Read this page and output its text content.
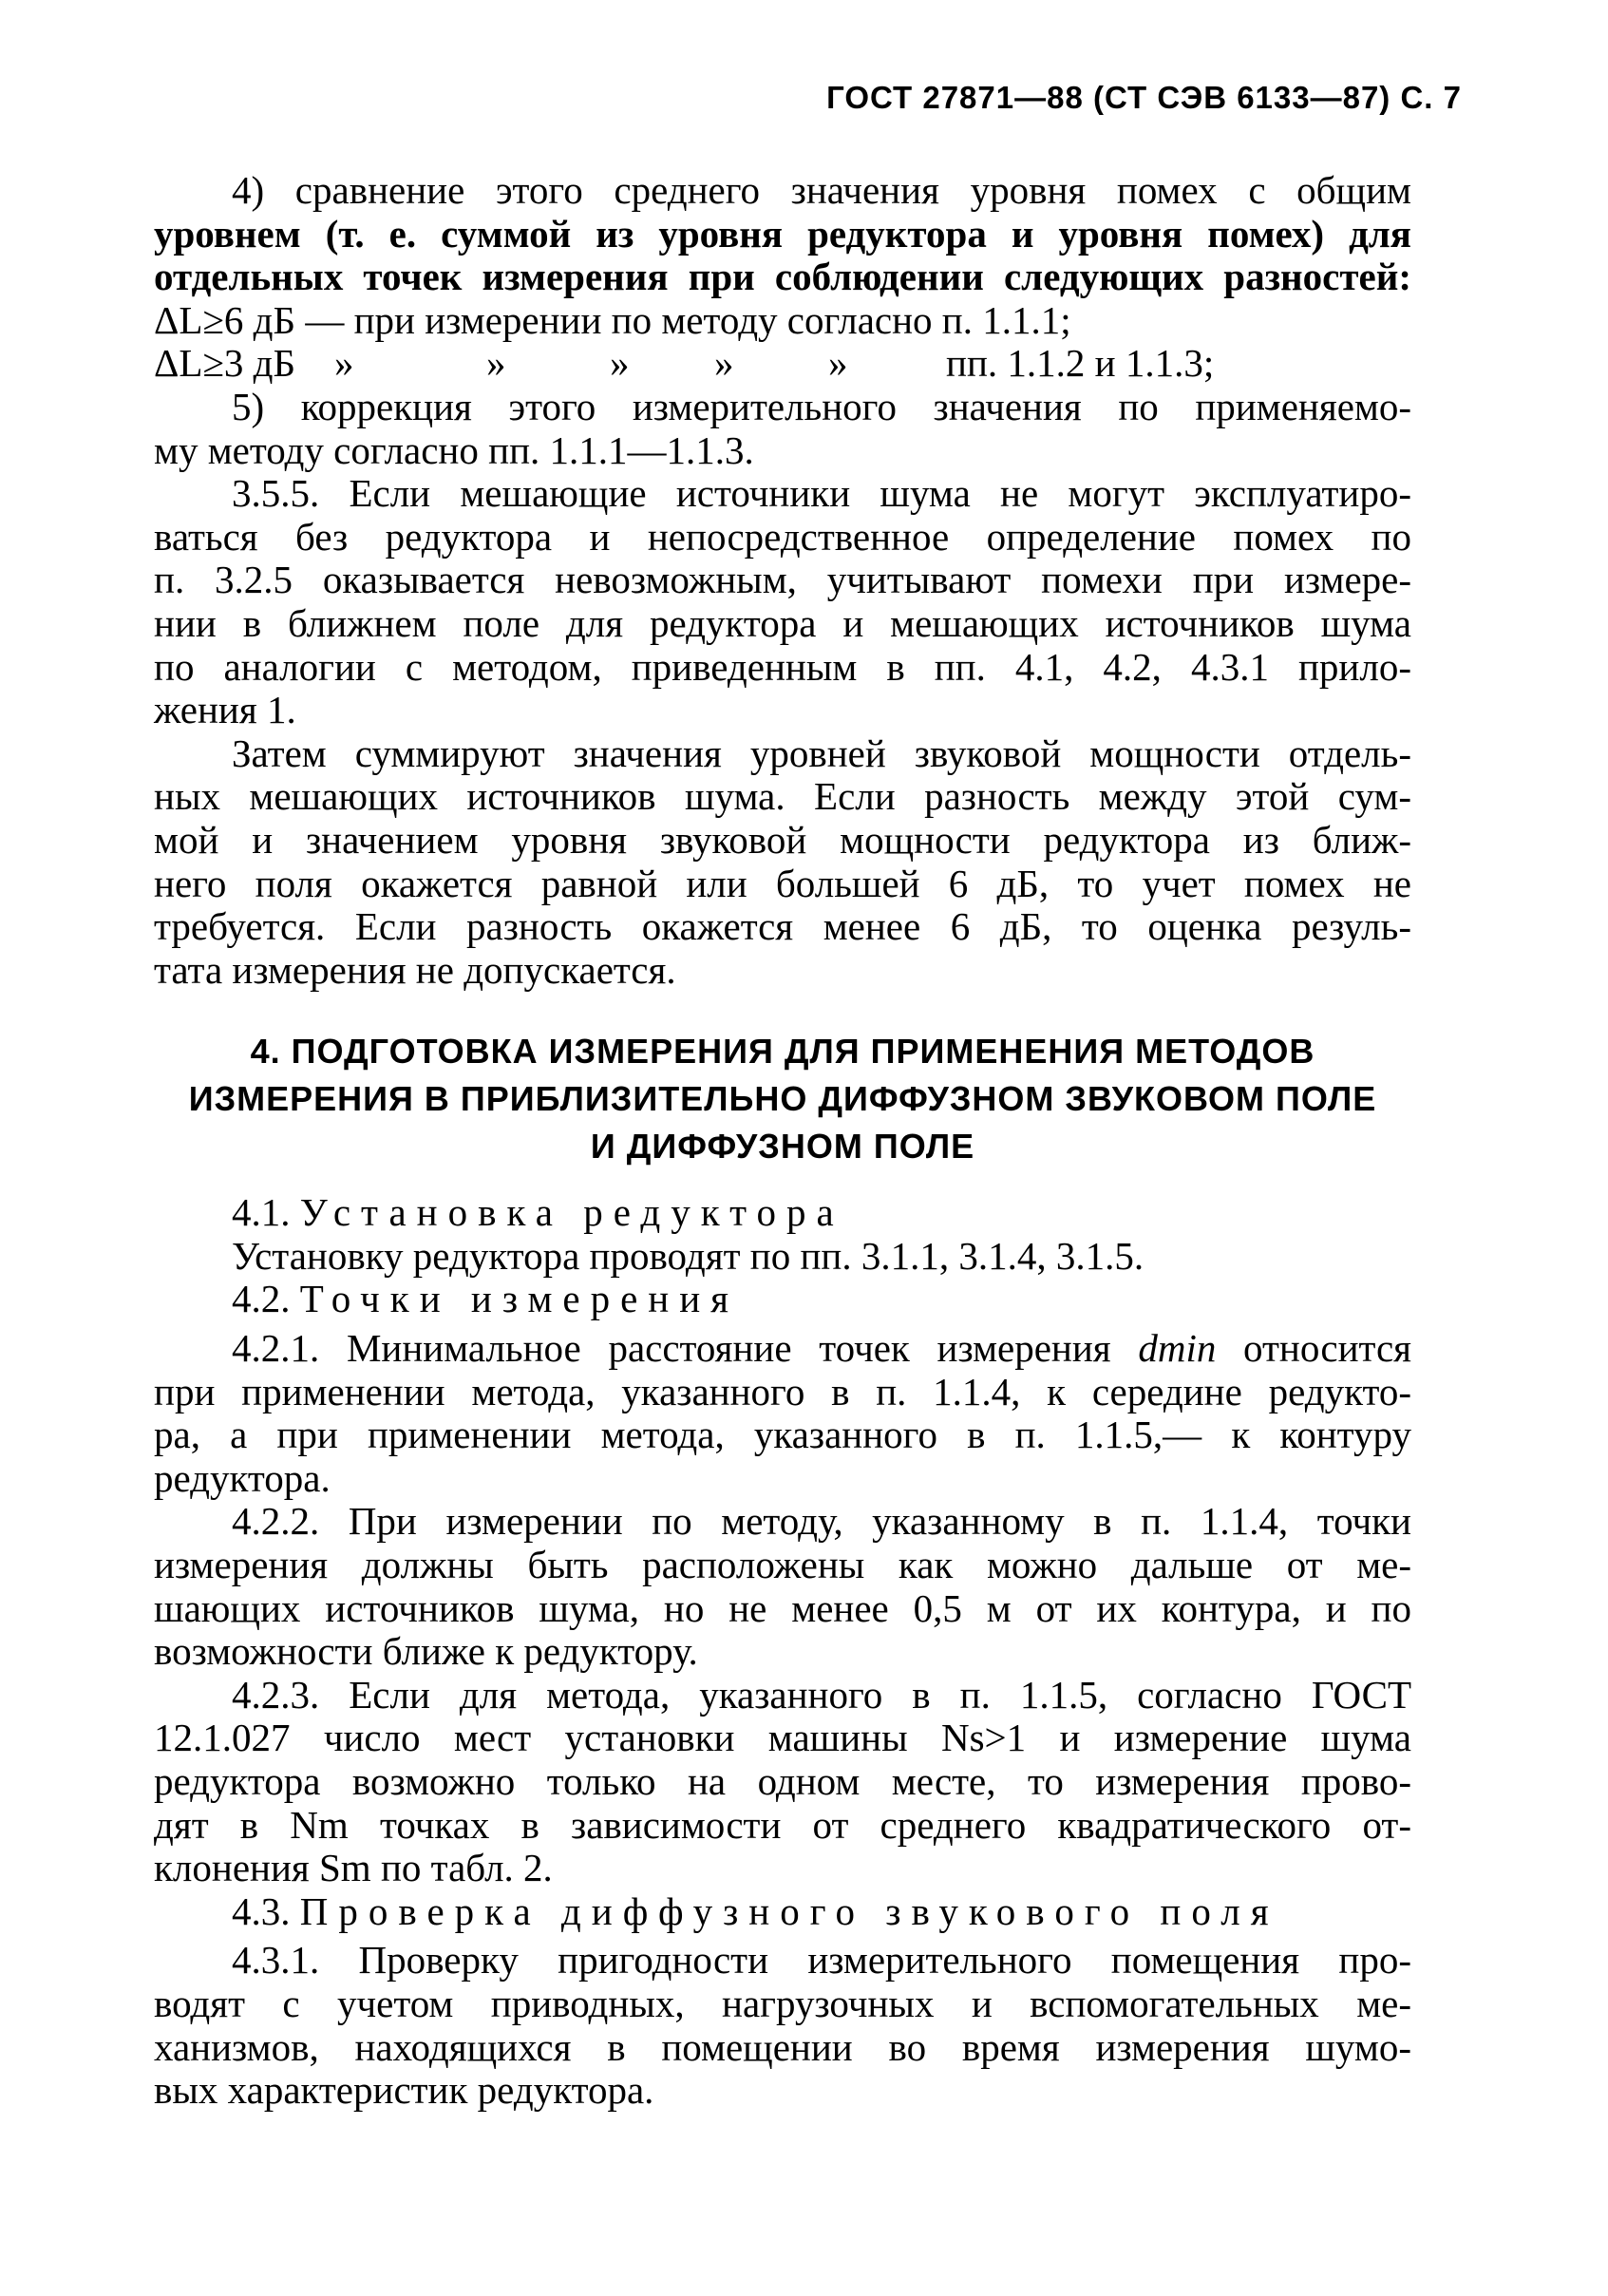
ГОСТ 27871—88 (СТ СЭВ 6133—87) С. 7

4) сравнение этого среднего значения уровня помех с общим

уровнем (т. е. суммой из уровня редуктора и уровня помех) для

отдельных точек измерения при соблюдении следующих разностей:

ΔL≥6 дБ — при измерении по методу согласно п. 1.1.1;

ΔL≥3 дБ »	»	»	»	»	пп. 1.1.2 и 1.1.3;

5) коррекция этого измерительного значения по применяемо-

му методу согласно пп. 1.1.1—1.1.3.

3.5.5. Если мешающие источники шума не могут эксплуатиро-

ваться без редуктора и непосредственное определение помех по

п. 3.2.5 оказывается невозможным, учитывают помехи при измере-

нии в ближнем поле для редуктора и мешающих источников шума

по аналогии с методом, приведенным в пп. 4.1, 4.2, 4.3.1 прило-

жения 1.

Затем суммируют значения уровней звуковой мощности отдель-

ных мешающих источников шума. Если разность между этой сум-

мой и значением уровня звуковой мощности редуктора из ближ-

него поля окажется равной или большей 6 дБ, то учет помех не

требуется. Если разность окажется менее 6 дБ, то оценка резуль-

тата измерения не допускается.

4. ПОДГОТОВКА ИЗМЕРЕНИЯ ДЛЯ ПРИМЕНЕНИЯ МЕТОДОВ
ИЗМЕРЕНИЯ В ПРИБЛИЗИТЕЛЬНО ДИФФУЗНОМ ЗВУКОВОМ ПОЛЕ
И ДИФФУЗНОМ ПОЛЕ

4.1. Установка редуктора

Установку редуктора проводят по пп. 3.1.1, 3.1.4, 3.1.5.

4.2. Точки измерения

4.2.1. Минимальное расстояние точек измерения dmin относится

при применении метода, указанного в п. 1.1.4, к середине редукто-

ра, а при применении метода, указанного в п. 1.1.5,— к контуру

редуктора.

4.2.2. При измерении по методу, указанному в п. 1.1.4, точки

измерения должны быть расположены как можно дальше от ме-

шающих источников шума, но не менее 0,5 м от их контура, и по

возможности ближе к редуктору.

4.2.3. Если для метода, указанного в п. 1.1.5, согласно ГОСТ

12.1.027 число мест установки машины Ns>1 и измерение шума

редуктора возможно только на одном месте, то измерения прово-

дят в Nm точках в зависимости от среднего квадратического от-

клонения Sm по табл. 2.

4.3. Проверка диффузного звукового поля

4.3.1. Проверку пригодности измерительного помещения про-

водят с учетом приводных, нагрузочных и вспомогательных ме-

ханизмов, находящихся в помещении во время измерения шумо-

вых характеристик редуктора.
